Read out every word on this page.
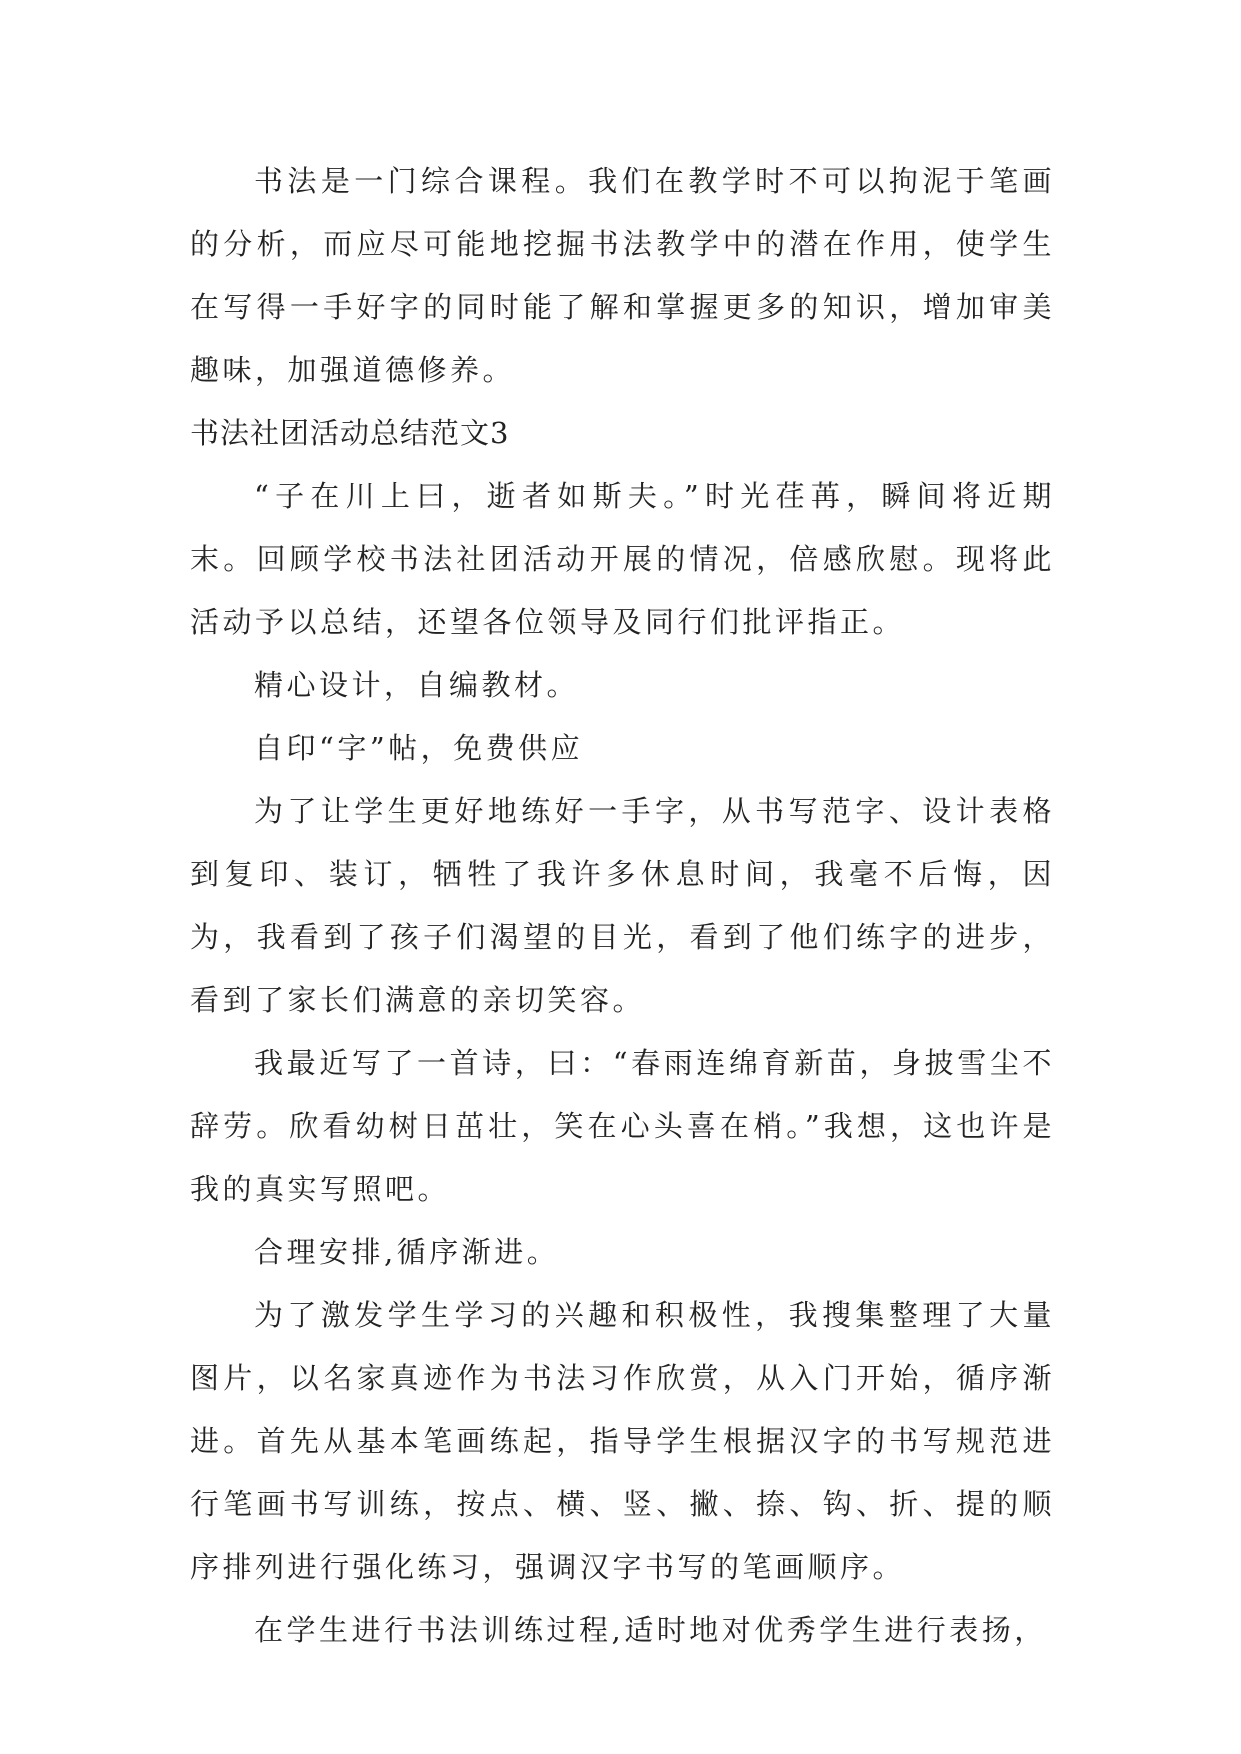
书法是一门综合课程。我们在教学时不可以拘泥于笔画的分析，而应尽可能地挖掘书法教学中的潜在作用，使学生在写得一手好字的同时能了解和掌握更多的知识，增加审美趣味，加强道德修养。

书法社团活动总结范文3

“子在川上曰，逝者如斯夫。”时光荏苒，瞬间将近期末。回顾学校书法社团活动开展的情况，倍感欣慰。现将此活动予以总结，还望各位领导及同行们批评指正。

精心设计，自编教材。

自印“字”帖，免费供应

为了让学生更好地练好一手字，从书写范字、设计表格到复印、装订，牺牲了我许多休息时间，我毫不后悔，因为，我看到了孩子们渴望的目光，看到了他们练字的进步，看到了家长们满意的亲切笑容。

我最近写了一首诗，曰：“春雨连绵育新苗，身披雪尘不辞劳。欣看幼树日茁壮，笑在心头喜在梢。”我想，这也许是我的真实写照吧。

合理安排,循序渐进。

为了激发学生学习的兴趣和积极性，我搜集整理了大量图片，以名家真迹作为书法习作欣赏，从入门开始，循序渐进。首先从基本笔画练起，指导学生根据汉字的书写规范进行笔画书写训练，按点、横、竖、撇、捺、钩、折、提的顺序排列进行强化练习，强调汉字书写的笔画顺序。

在学生进行书法训练过程,适时地对优秀学生进行表扬，
